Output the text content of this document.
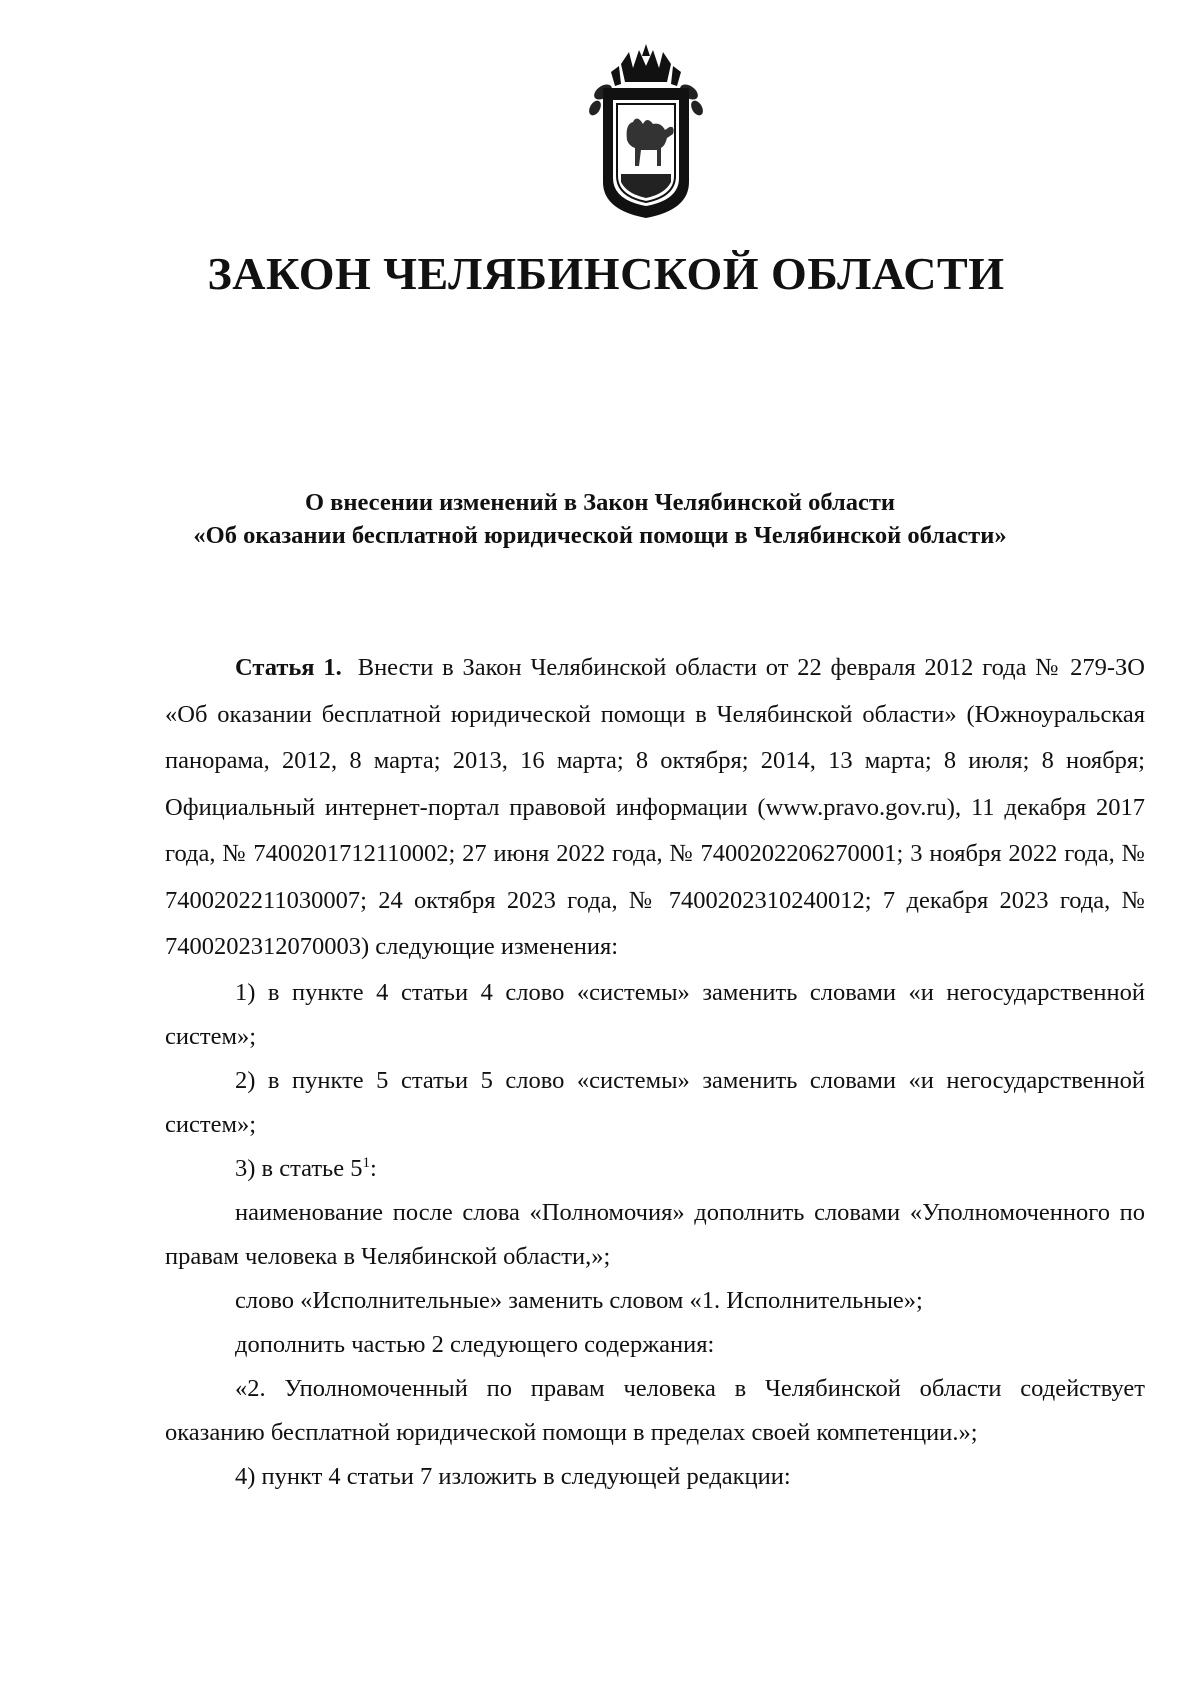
ЗАКОН ЧЕЛЯБИНСКОЙ ОБЛАСТИ
О внесении изменений в Закон Челябинской области
«Об оказании бесплатной юридической помощи в Челябинской области»

Статья 1. Внести в Закон Челябинской области от 22 февраля 2012 года № 279-ЗО «Об оказании бесплатной юридической помощи в Челябинской области» (Южноуральская панорама, 2012, 8 марта; 2013, 16 марта; 8 октября; 2014, 13 марта; 8 июля; 8 ноября; Официальный интернет-портал правовой информации (www.pravo.gov.ru), 11 декабря 2017 года, № 7400201712110002; 27 июня 2022 года, № 7400202206270001; 3 ноября 2022 года, № 7400202211030007; 24 октября 2023 года, № 7400202310240012; 7 декабря 2023 года, № 7400202312070003) следующие изменения:

1) в пункте 4 статьи 4 слово «системы» заменить словами «и негосударственной систем»;

2) в пункте 5 статьи 5 слово «системы» заменить словами «и негосударственной систем»;

3) в статье $5^1$:

наименование после слова «Полномочия» дополнить словами «Уполномоченного по правам человека в Челябинской области,»;

слово «Исполнительные» заменить словом «1. Исполнительные»;

дополнить частью 2 следующего содержания:

«2. Уполномоченный по правам человека в Челябинской области содействует оказанию бесплатной юридической помощи в пределах своей компетенции.»;

4) пункт 4 статьи 7 изложить в следующей редакции:
